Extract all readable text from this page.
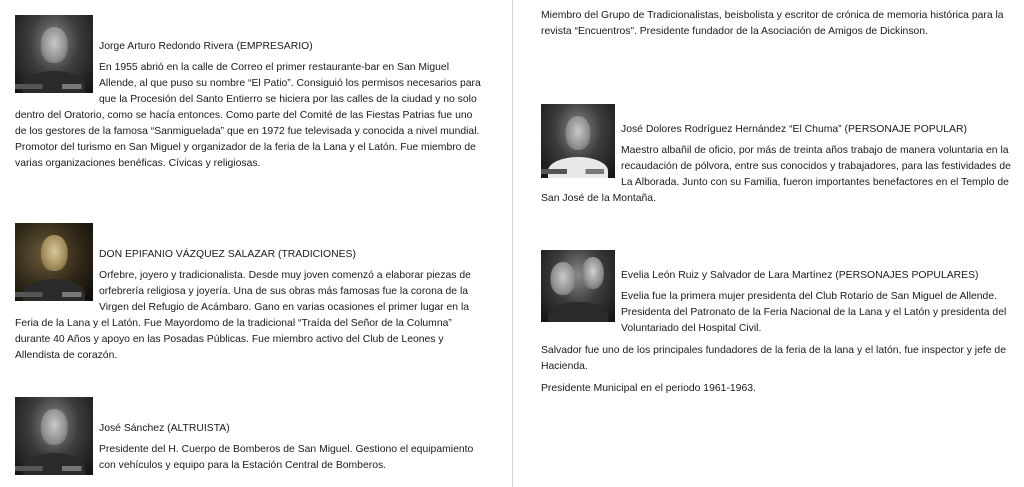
Jorge Arturo Redondo Rivera (EMPRESARIO)

En 1955 abrió en la calle de Correo el primer restaurante-bar en San Miguel Allende, al que puso su nombre “El Patio”. Consiguió los permisos necesarios para que la Procesión del Santo Entierro se hiciera por las calles de la ciudad y no solo dentro del Oratorio, como se hacía entonces. Como parte del Comité de las Fiestas Patrias fue uno de los gestores de la famosa “Sanmiguelada” que en 1972 fue televisada y conocida a nivel mundial. Promotor del turismo en San Miguel y organizador de la feria de la Lana y el Latón. Fue miembro de varias organizaciones benéficas. Cívicas y religiosas.

DON EPIFANIO VÁZQUEZ SALAZAR (TRADICIONES)

Orfebre, joyero y tradicionalista. Desde muy joven comenzó a elaborar piezas de orfebrería religiosa y joyería. Una de sus obras más famosas fue la corona de la Virgen del Refugio de Acámbaro. Gano en varias ocasiones el primer lugar en la Feria de la Lana y el Latón. Fue Mayordomo de la tradicional “Traída del Señor de la Columna” durante 40 Años y apoyo en las Posadas Públicas. Fue miembro activo del Club de Leones y Allendista de corazón.

José Sánchez (ALTRUISTA)

Presidente del H. Cuerpo de Bomberos de San Miguel. Gestiono el equipamiento con vehículos y equipo para la Estación Central de Bomberos.

Miembro del Grupo de Tradicionalistas, beisbolista y escritor de crónica de memoria histórica para la revista “Encuentros”. Presidente fundador de la Asociación de Amigos de Dickinson.

José Dolores Rodríguez Hernández “El Chuma” (PERSONAJE POPULAR)

Maestro albañil de oficio, por más de treinta años trabajo de manera voluntaria en la recaudación de pólvora, entre sus conocidos y trabajadores, para las festividades de La Alborada. Junto con su Familia, fueron importantes benefactores en el Templo de San José de la Montaña.

Evelia León Ruiz y Salvador de Lara Martínez (PERSONAJES POPULARES)

Evelia fue la primera mujer presidenta del Club Rotario de San Miguel de Allende. Presidenta del Patronato de la Feria Nacional de la Lana y el Latón y presidenta del Voluntariado del Hospital Civil.

Salvador fue uno de los principales fundadores de la feria de la lana y el latón, fue inspector y jefe de Hacienda.

Presidente Municipal en el periodo 1961-1963.
